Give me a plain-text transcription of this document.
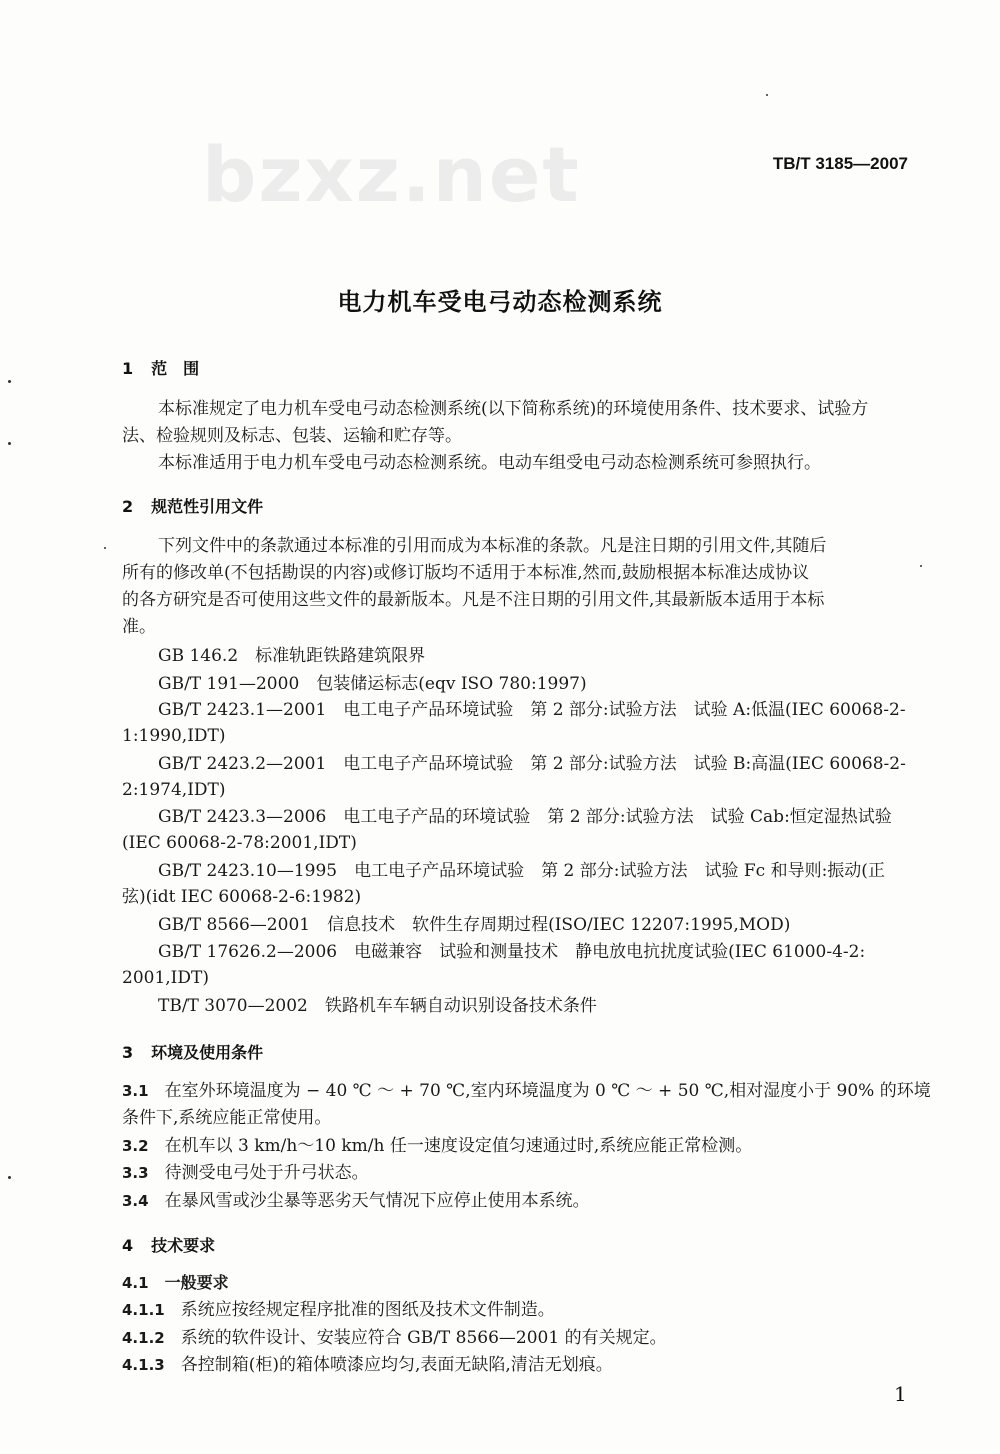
bzxz.net	TB/T 3185—2007
电力机车受电弓动态检测系统
1 范　围
本标准规定了电力机车受电弓动态检测系统(以下简称系统)的环境使用条件、技术要求、试验方
法、检验规则及标志、包装、运输和贮存等。
本标准适用于电力机车受电弓动态检测系统。电动车组受电弓动态检测系统可参照执行。
2 规范性引用文件
下列文件中的条款通过本标准的引用而成为本标准的条款。凡是注日期的引用文件,其随后
所有的修改单(不包括勘误的内容)或修订版均不适用于本标准,然而,鼓励根据本标准达成协议
的各方研究是否可使用这些文件的最新版本。凡是不注日期的引用文件,其最新版本适用于本标
准。
GB 146.2　标准轨距铁路建筑限界
GB/T 191—2000　包装储运标志(eqv ISO 780:1997)
GB/T 2423.1—2001　电工电子产品环境试验　第 2 部分:试验方法　试验 A:低温(IEC 60068-2-
1:1990,IDT)
GB/T 2423.2—2001　电工电子产品环境试验　第 2 部分:试验方法　试验 B:高温(IEC 60068-2-
2:1974,IDT)
GB/T 2423.3—2006　电工电子产品的环境试验　第 2 部分:试验方法　试验 Cab:恒定湿热试验
(IEC 60068-2-78:2001,IDT)
GB/T 2423.10—1995　电工电子产品环境试验　第 2 部分:试验方法　试验 Fc 和导则:振动(正
弦)(idt IEC 60068-2-6:1982)
GB/T 8566—2001　信息技术　软件生存周期过程(ISO/IEC 12207:1995,MOD)
GB/T 17626.2—2006　电磁兼容　试验和测量技术　静电放电抗扰度试验(IEC 61000-4-2:
2001,IDT)
TB/T 3070—2002　铁路机车车辆自动识别设备技术条件
3 环境及使用条件
3.1 在室外环境温度为 − 40 ℃ ～ + 70 ℃,室内环境温度为 0 ℃ ～ + 50 ℃,相对湿度小于 90% 的环境
条件下,系统应能正常使用。
3.2 在机车以 3 km/h～10 km/h 任一速度设定值匀速通过时,系统应能正常检测。
3.3 待测受电弓处于升弓状态。
3.4 在暴风雪或沙尘暴等恶劣天气情况下应停止使用本系统。
4 技术要求
4.1 一般要求
4.1.1 系统应按经规定程序批准的图纸及技术文件制造。
4.1.2 系统的软件设计、安装应符合 GB/T 8566—2001 的有关规定。
4.1.3 各控制箱(柜)的箱体喷漆应均匀,表面无缺陷,清洁无划痕。
1
